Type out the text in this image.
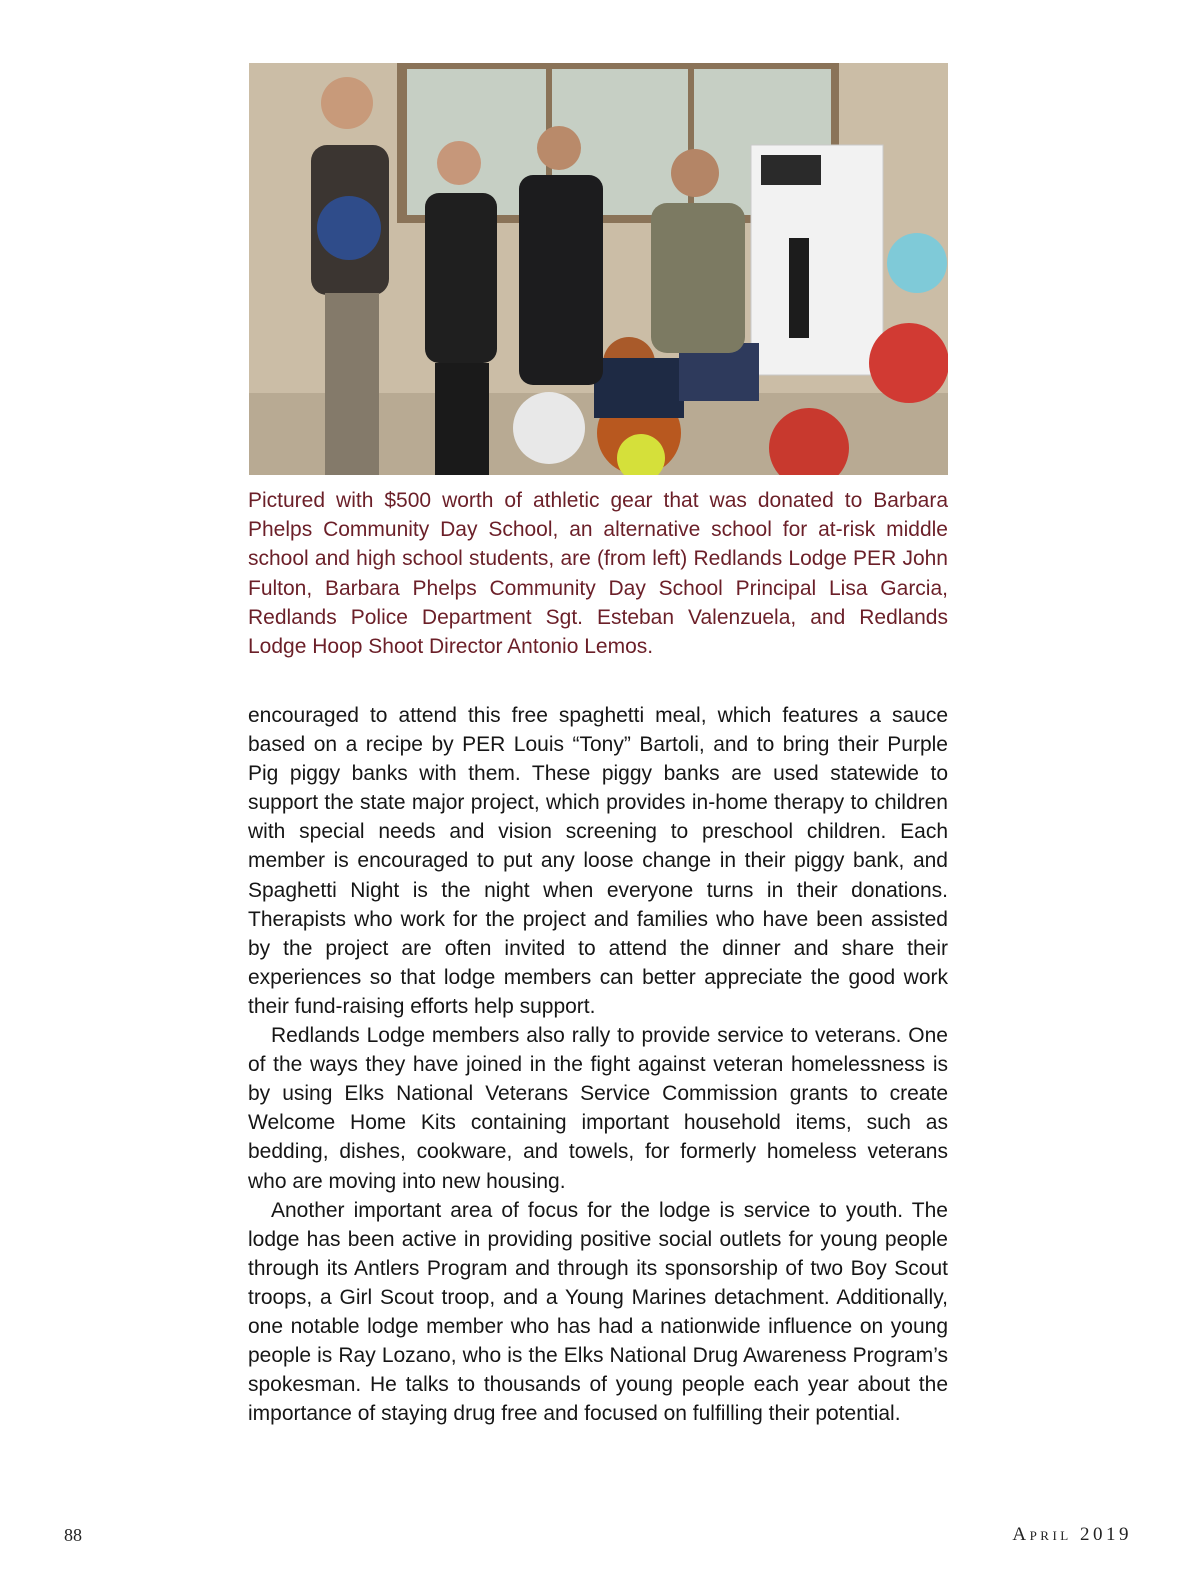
Pictured with $500 worth of athletic gear that was donated to Barbara Phelps Community Day School, an alternative school for at-risk middle school and high school students, are (from left) Redlands Lodge PER John Fulton, Barbara Phelps Community Day School Principal Lisa Garcia, Redlands Police Department Sgt. Esteban Valenzuela, and Redlands Lodge Hoop Shoot Director Antonio Lemos.

encouraged to attend this free spaghetti meal, which features a sauce based on a recipe by PER Louis “Tony” Bartoli, and to bring their Purple Pig piggy banks with them. These piggy banks are used statewide to support the state major project, which provides in-home therapy to children with special needs and vision screening to preschool children. Each member is encouraged to put any loose change in their piggy bank, and Spaghetti Night is the night when everyone turns in their donations. Therapists who work for the project and families who have been assisted by the project are often invited to attend the dinner and share their experiences so that lodge members can better appreciate the good work their fund-raising efforts help support.

Redlands Lodge members also rally to provide service to veterans. One of the ways they have joined in the fight against veteran homelessness is by using Elks National Veterans Service Commission grants to create Welcome Home Kits containing important household items, such as bedding, dishes, cookware, and towels, for formerly homeless veterans who are moving into new housing.

Another important area of focus for the lodge is service to youth. The lodge has been active in providing positive social outlets for young people through its Antlers Program and through its sponsorship of two Boy Scout troops, a Girl Scout troop, and a Young Marines detachment. Additionally, one notable lodge member who has had a nationwide influence on young people is Ray Lozano, who is the Elks National Drug Awareness Program’s spokesman. He talks to thousands of young people each year about the importance of staying drug free and focused on fulfilling their potential.

88	April 2019
